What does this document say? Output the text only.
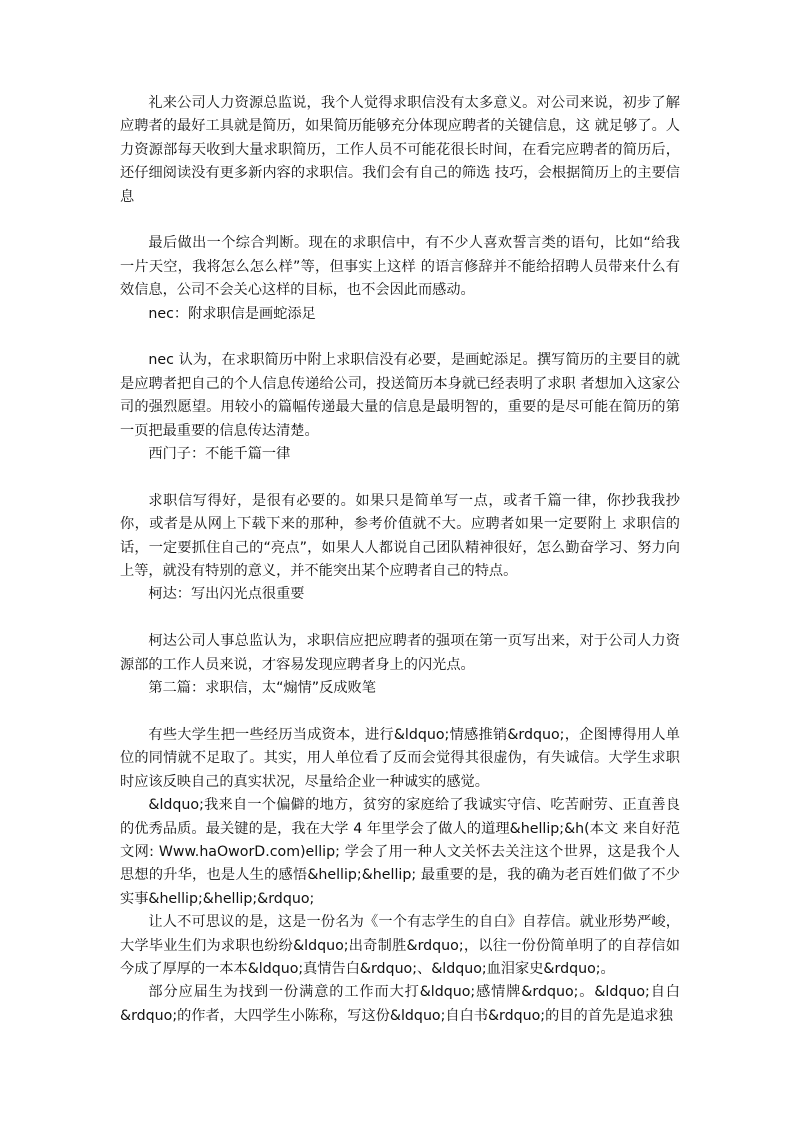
礼来公司人力资源总监说，我个人觉得求职信没有太多意义。对公司来说，初步了解应聘者的最好工具就是简历，如果简历能够充分体现应聘者的关键信息，这 就足够了。人力资源部每天收到大量求职简历，工作人员不可能花很长时间，在看完应聘者的简历后，还仔细阅读没有更多新内容的求职信。我们会有自己的筛选 技巧，会根据简历上的主要信息

最后做出一个综合判断。现在的求职信中，有不少人喜欢誓言类的语句，比如“给我一片天空，我将怎么怎么样”等，但事实上这样 的语言修辞并不能给招聘人员带来什么有效信息，公司不会关心这样的目标，也不会因此而感动。

nec：附求职信是画蛇添足

nec 认为，在求职简历中附上求职信没有必要，是画蛇添足。撰写简历的主要目的就是应聘者把自己的个人信息传递给公司，投送简历本身就已经表明了求职 者想加入这家公司的强烈愿望。用较小的篇幅传递最大量的信息是最明智的，重要的是尽可能在简历的第一页把最重要的信息传达清楚。

西门子：不能千篇一律

求职信写得好，是很有必要的。如果只是简单写一点，或者千篇一律，你抄我我抄你，或者是从网上下载下来的那种，参考价值就不大。应聘者如果一定要附上 求职信的话，一定要抓住自己的“亮点”，如果人人都说自己团队精神很好，怎么勤奋学习、努力向上等，就没有特别的意义，并不能突出某个应聘者自己的特点。

柯达：写出闪光点很重要

柯达公司人事总监认为，求职信应把应聘者的强项在第一页写出来，对于公司人力资源部的工作人员来说，才容易发现应聘者身上的闪光点。

第二篇：求职信，太“煽情”反成败笔

有些大学生把一些经历当成资本，进行&ldquo;情感推销&rdquo;，企图博得用人单位的同情就不足取了。其实，用人单位看了反而会觉得其很虚伪，有失诚信。大学生求职时应该反映自己的真实状况，尽量给企业一种诚实的感觉。

&ldquo;我来自一个偏僻的地方，贫穷的家庭给了我诚实守信、吃苦耐劳、正直善良的优秀品质。最关键的是，我在大学 4 年里学会了做人的道理&hellip;&h(本文 来自好范文网: Www.haOworD.com)ellip; 学会了用一种人文关怀去关注这个世界，这是我个人思想的升华，也是人生的感悟&hellip;&hellip; 最重要的是，我的确为老百姓们做了不少实事&hellip;&hellip;&rdquo;

让人不可思议的是，这是一份名为《一个有志学生的自白》自荐信。就业形势严峻，大学毕业生们为求职也纷纷&ldquo;出奇制胜&rdquo;，以往一份份简单明了的自荐信如今成了厚厚的一本本&ldquo;真情告白&rdquo;、&ldquo;血泪家史&rdquo;。

部分应届生为找到一份满意的工作而大打&ldquo;感情牌&rdquo;。&ldquo;自白&rdquo;的作者，大四学生小陈称，写这份&ldquo;自白书&rdquo;的目的首先是追求独
